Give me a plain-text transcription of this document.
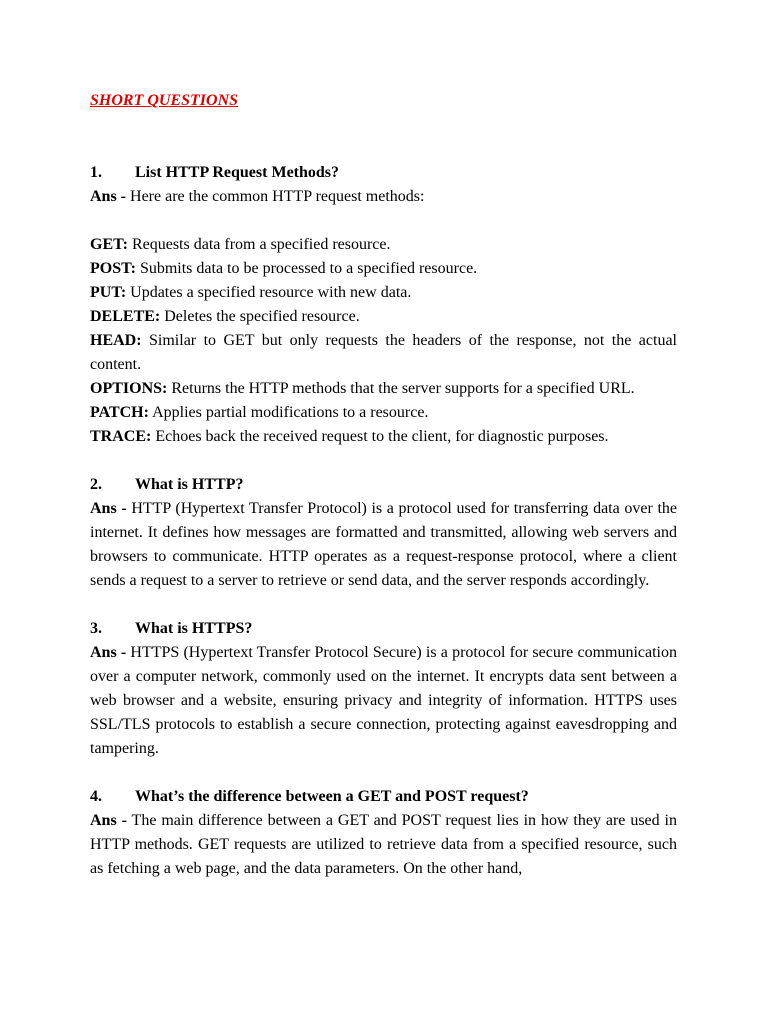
SHORT QUESTIONS
1.	List HTTP Request Methods?
Ans - Here are the common HTTP request methods:
GET: Requests data from a specified resource.
POST: Submits data to be processed to a specified resource.
PUT: Updates a specified resource with new data.
DELETE: Deletes the specified resource.
HEAD: Similar to GET but only requests the headers of the response, not the actual content.
OPTIONS: Returns the HTTP methods that the server supports for a specified URL.
PATCH: Applies partial modifications to a resource.
TRACE: Echoes back the received request to the client, for diagnostic purposes.
2.	What is HTTP?
Ans - HTTP (Hypertext Transfer Protocol) is a protocol used for transferring data over the internet. It defines how messages are formatted and transmitted, allowing web servers and browsers to communicate. HTTP operates as a request-response protocol, where a client sends a request to a server to retrieve or send data, and the server responds accordingly.
3.	What is HTTPS?
Ans - HTTPS (Hypertext Transfer Protocol Secure) is a protocol for secure communication over a computer network, commonly used on the internet. It encrypts data sent between a web browser and a website, ensuring privacy and integrity of information. HTTPS uses SSL/TLS protocols to establish a secure connection, protecting against eavesdropping and tampering.
4.	What’s the difference between a GET and POST request?
Ans - The main difference between a GET and POST request lies in how they are used in HTTP methods. GET requests are utilized to retrieve data from a specified resource, such as fetching a web page, and the data parameters. On the other hand,
